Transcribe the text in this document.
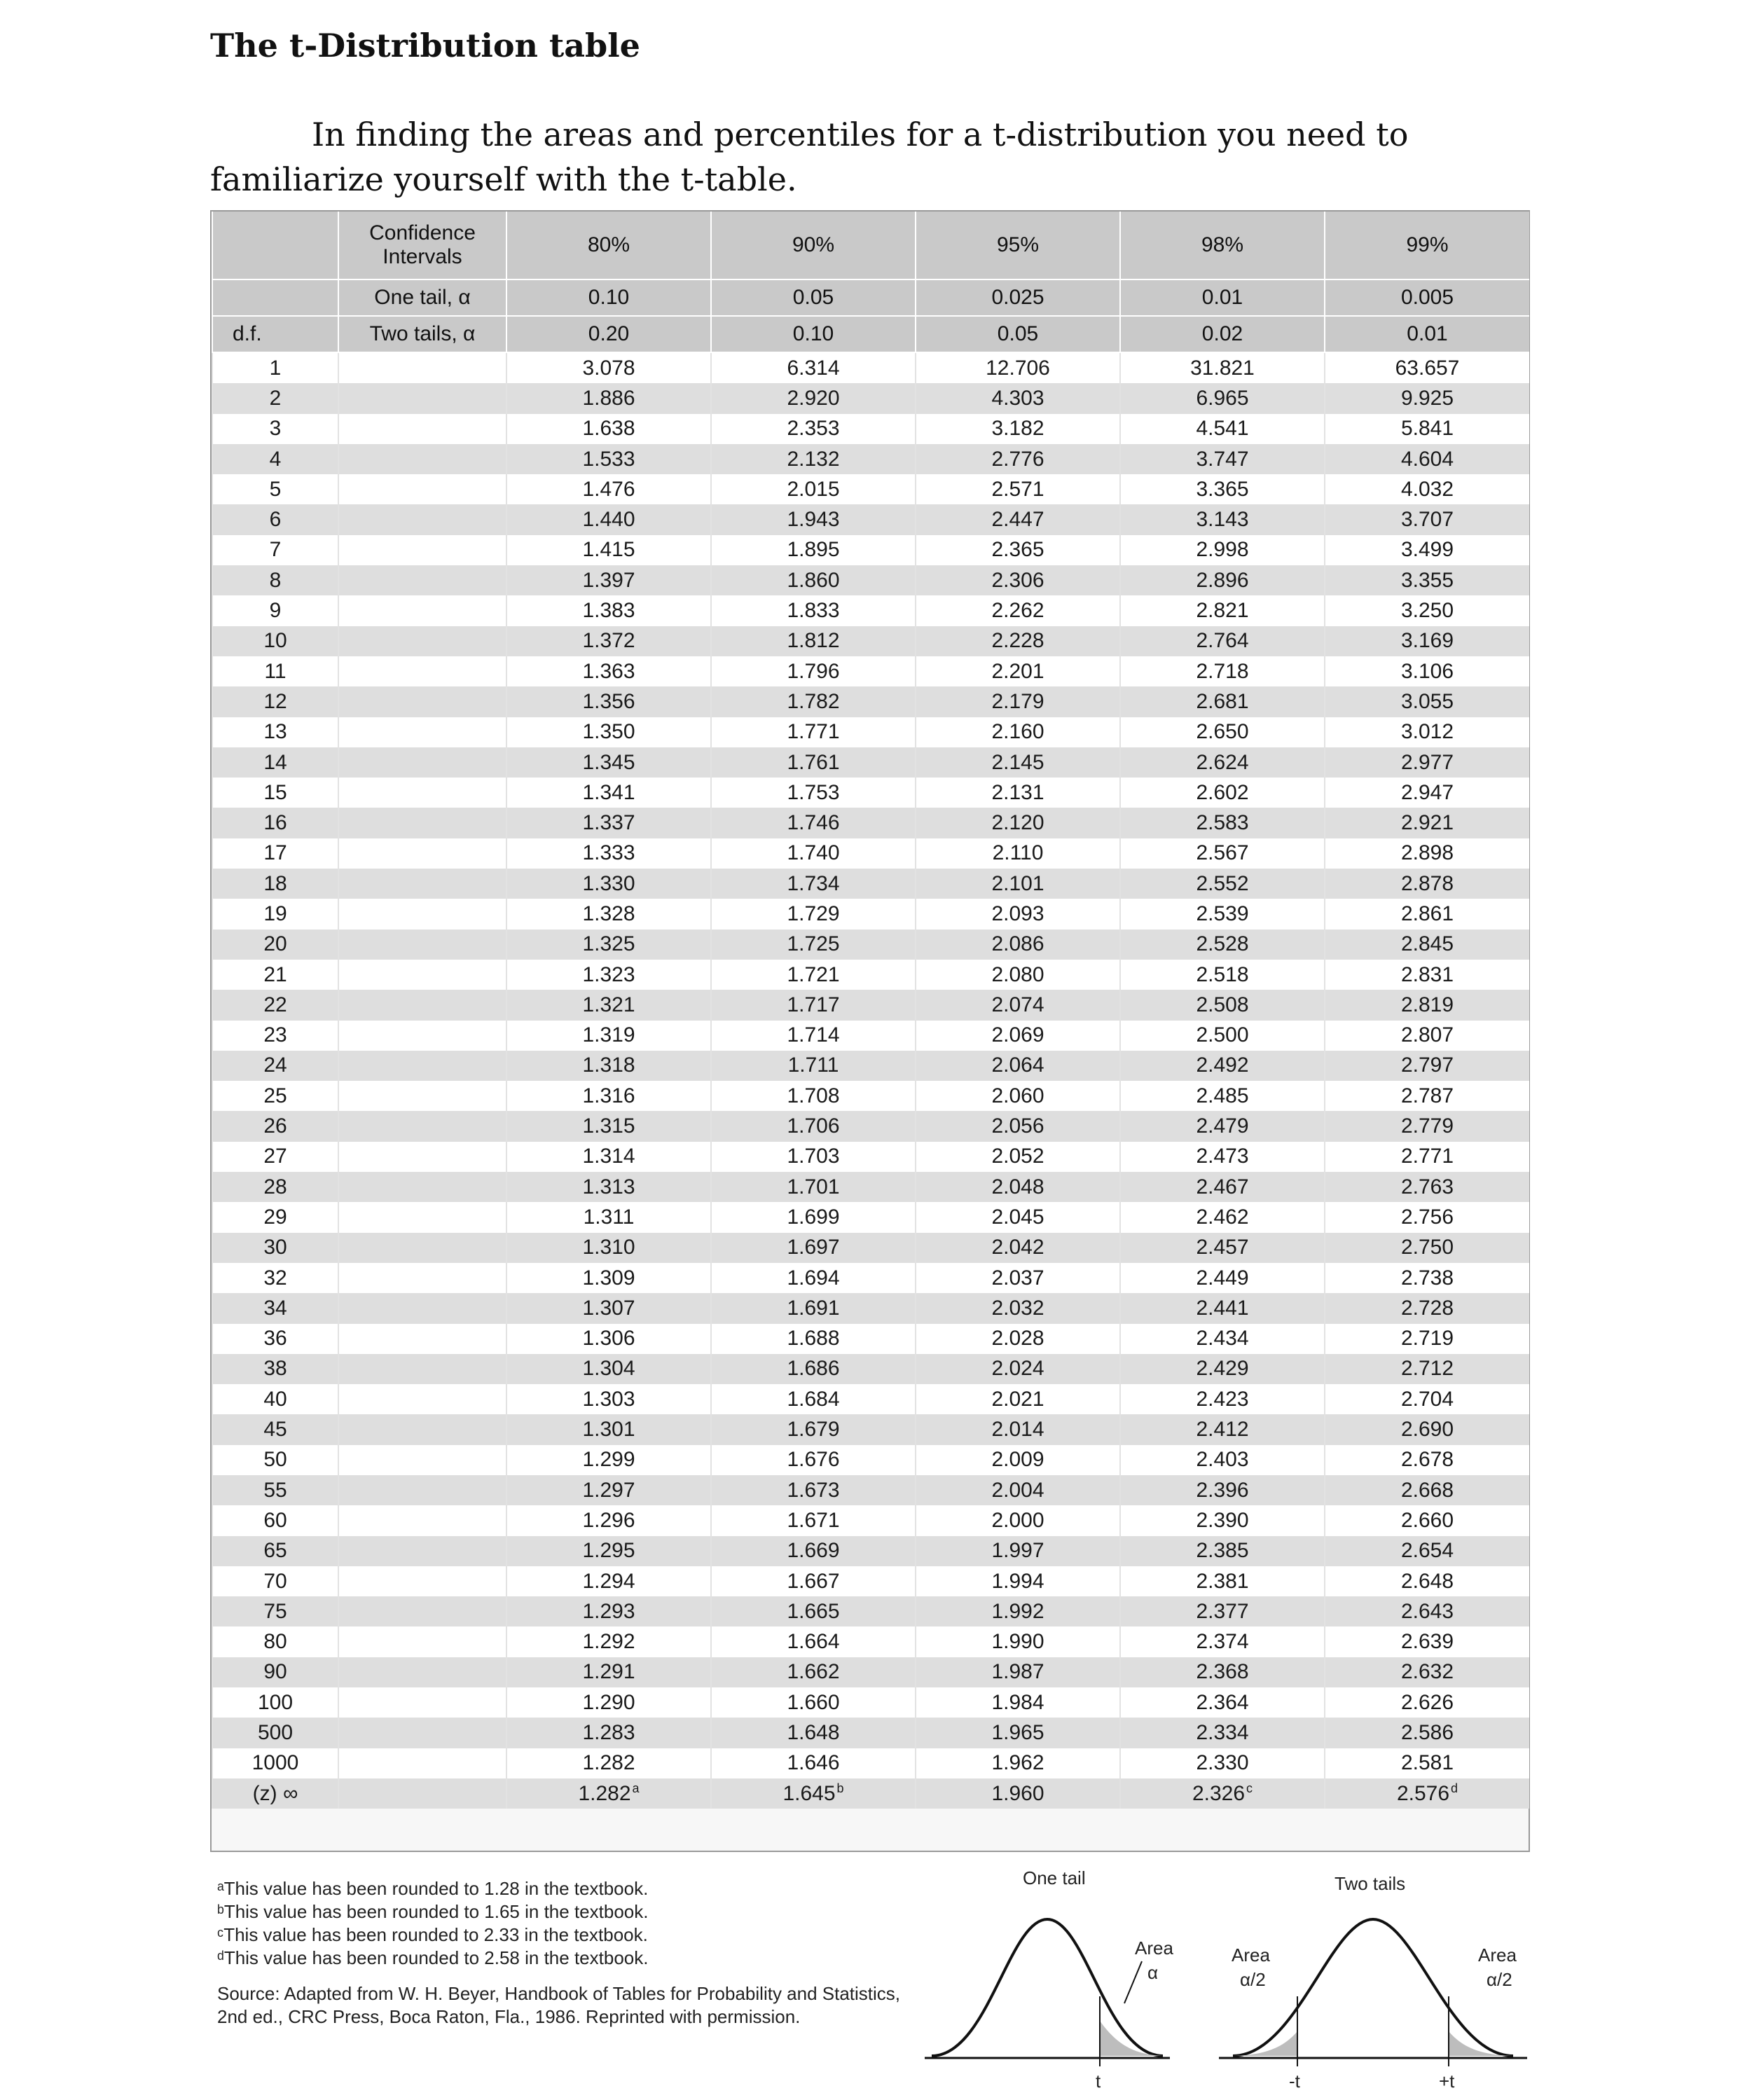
The t-Distribution table

In finding the areas and percentiles for a t-distribution you need to
familiarize yourself with the t-table.

	Confidence Intervals	80%	90%	95%	98%	99%
	One tail, α	0.10	0.05	0.025	0.01	0.005
d.f.	Two tails, α	0.20	0.10	0.05	0.02	0.01
1		3.078	6.314	12.706	31.821	63.657
2		1.886	2.920	4.303	6.965	9.925
3		1.638	2.353	3.182	4.541	5.841
4		1.533	2.132	2.776	3.747	4.604
5		1.476	2.015	2.571	3.365	4.032
6		1.440	1.943	2.447	3.143	3.707
7		1.415	1.895	2.365	2.998	3.499
8		1.397	1.860	2.306	2.896	3.355
9		1.383	1.833	2.262	2.821	3.250
10		1.372	1.812	2.228	2.764	3.169
11		1.363	1.796	2.201	2.718	3.106
12		1.356	1.782	2.179	2.681	3.055
13		1.350	1.771	2.160	2.650	3.012
14		1.345	1.761	2.145	2.624	2.977
15		1.341	1.753	2.131	2.602	2.947
16		1.337	1.746	2.120	2.583	2.921
17		1.333	1.740	2.110	2.567	2.898
18		1.330	1.734	2.101	2.552	2.878
19		1.328	1.729	2.093	2.539	2.861
20		1.325	1.725	2.086	2.528	2.845
21		1.323	1.721	2.080	2.518	2.831
22		1.321	1.717	2.074	2.508	2.819
23		1.319	1.714	2.069	2.500	2.807
24		1.318	1.711	2.064	2.492	2.797
25		1.316	1.708	2.060	2.485	2.787
26		1.315	1.706	2.056	2.479	2.779
27		1.314	1.703	2.052	2.473	2.771
28		1.313	1.701	2.048	2.467	2.763
29		1.311	1.699	2.045	2.462	2.756
30		1.310	1.697	2.042	2.457	2.750
32		1.309	1.694	2.037	2.449	2.738
34		1.307	1.691	2.032	2.441	2.728
36		1.306	1.688	2.028	2.434	2.719
38		1.304	1.686	2.024	2.429	2.712
40		1.303	1.684	2.021	2.423	2.704
45		1.301	1.679	2.014	2.412	2.690
50		1.299	1.676	2.009	2.403	2.678
55		1.297	1.673	2.004	2.396	2.668
60		1.296	1.671	2.000	2.390	2.660
65		1.295	1.669	1.997	2.385	2.654
70		1.294	1.667	1.994	2.381	2.648
75		1.293	1.665	1.992	2.377	2.643
80		1.292	1.664	1.990	2.374	2.639
90		1.291	1.662	1.987	2.368	2.632
100		1.290	1.660	1.984	2.364	2.626
500		1.283	1.648	1.965	2.334	2.586
1000		1.282	1.646	1.962	2.330	2.581
(z) ∞		1.282 $^a$	1.645 $^b$	1.960	2.326 $^c$	2.576 $^d$
ᵃThis value has been rounded to 1.28 in the textbook.
ᵇThis value has been rounded to 1.65 in the textbook.
ᶜThis value has been rounded to 2.33 in the textbook.
ᵈThis value has been rounded to 2.58 in the textbook.
Source: Adapted from W. H. Beyer, Handbook of Tables for Probability and Statistics, 2nd ed., CRC Press, Boca Raton, Fla., 1986. Reprinted with permission.
One tail
Area
α
t
Two tails
Area
α/2
Area
α/2
-t	+t
